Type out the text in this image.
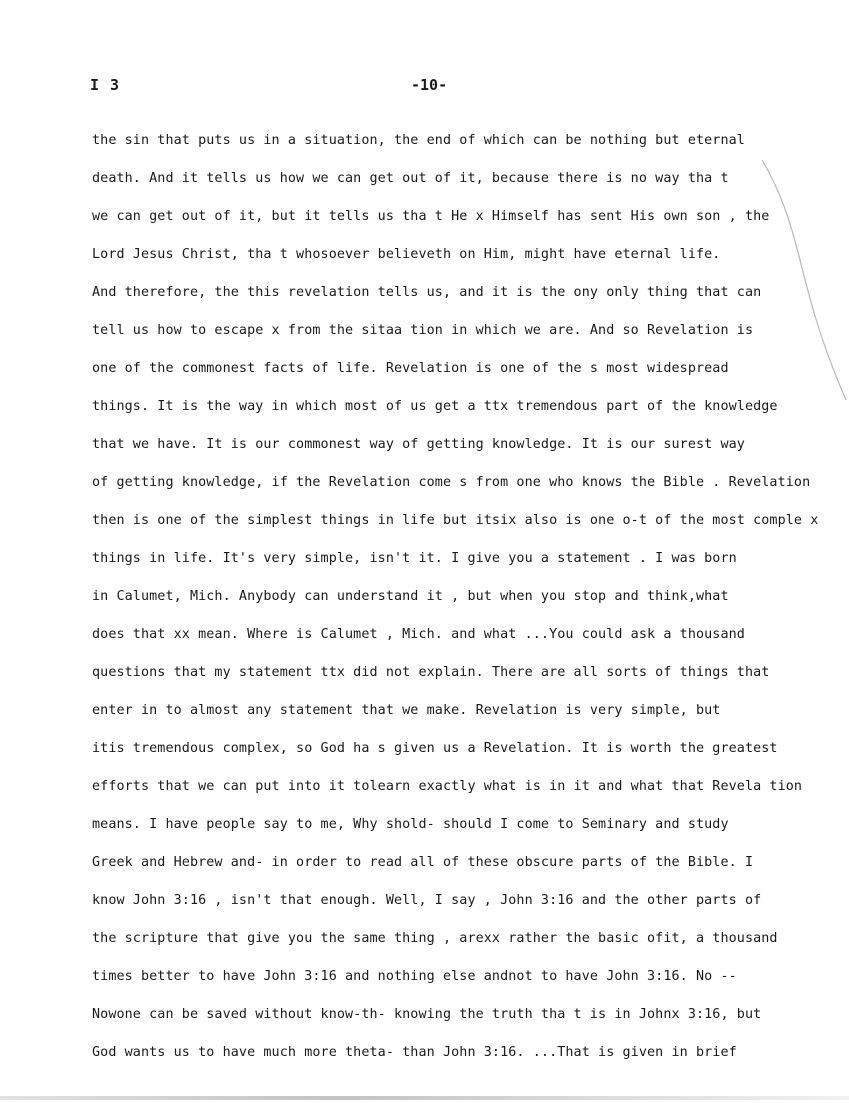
I 3	-10-
the sin that puts us in a situation, the end of which can be nothing but eternal
death. And it tells us how we can get out of it, because there is no way tha t
we can get out of it, but it tells us tha t He x Himself has sent His own son , the
Lord Jesus Christ, tha t whosoever believeth on Him, might have eternal life.
And therefore, the this revelation tells us, and it is the ony only thing that can
tell us how to escape x from the sitaa tion in which we are. And so Revelation is
one of the commonest facts of life. Revelation is one of the s most widespread
things. It is the way in which most of us get a ttx tremendous part of the knowledge
that we have. It is our commonest way of getting knowledge. It is our surest way
of getting knowledge, if the Revelation come s from one who knows the Bible . Revelation
then is one of the simplest things in life but itsix also is one o-t of the most comple x
things in life. It's very simple, isn't it. I give you a statement . I was born
in Calumet, Mich. Anybody can understand it , but when you stop and think,what
does that xx mean. Where is Calumet , Mich. and what ...You could ask a thousand
questions that my statement ttx did not explain. There are all sorts of things that
enter in to almost any statement that we make. Revelation is very simple, but
itis tremendous complex, so God ha s given us a Revelation. It is worth the greatest
efforts that we can put into it tolearn exactly what is in it and what that Revela tion
means. I have people say to me, Why shold- should I come to Seminary and study
Greek and Hebrew and- in order to read all of these obscure parts of the Bible. I
know John 3:16 , isn't that enough. Well, I say , John 3:16 and the other parts of
the scripture that give you the same thing , arexx rather the basic ofit, a thousand
times better to have John 3:16 and nothing else andnot to have John 3:16. No --
Nowone can be saved without know-th- knowing the truth tha t is in Johnx 3:16, but
God wants us to have much more theta- than John 3:16. ...That is given in brief
